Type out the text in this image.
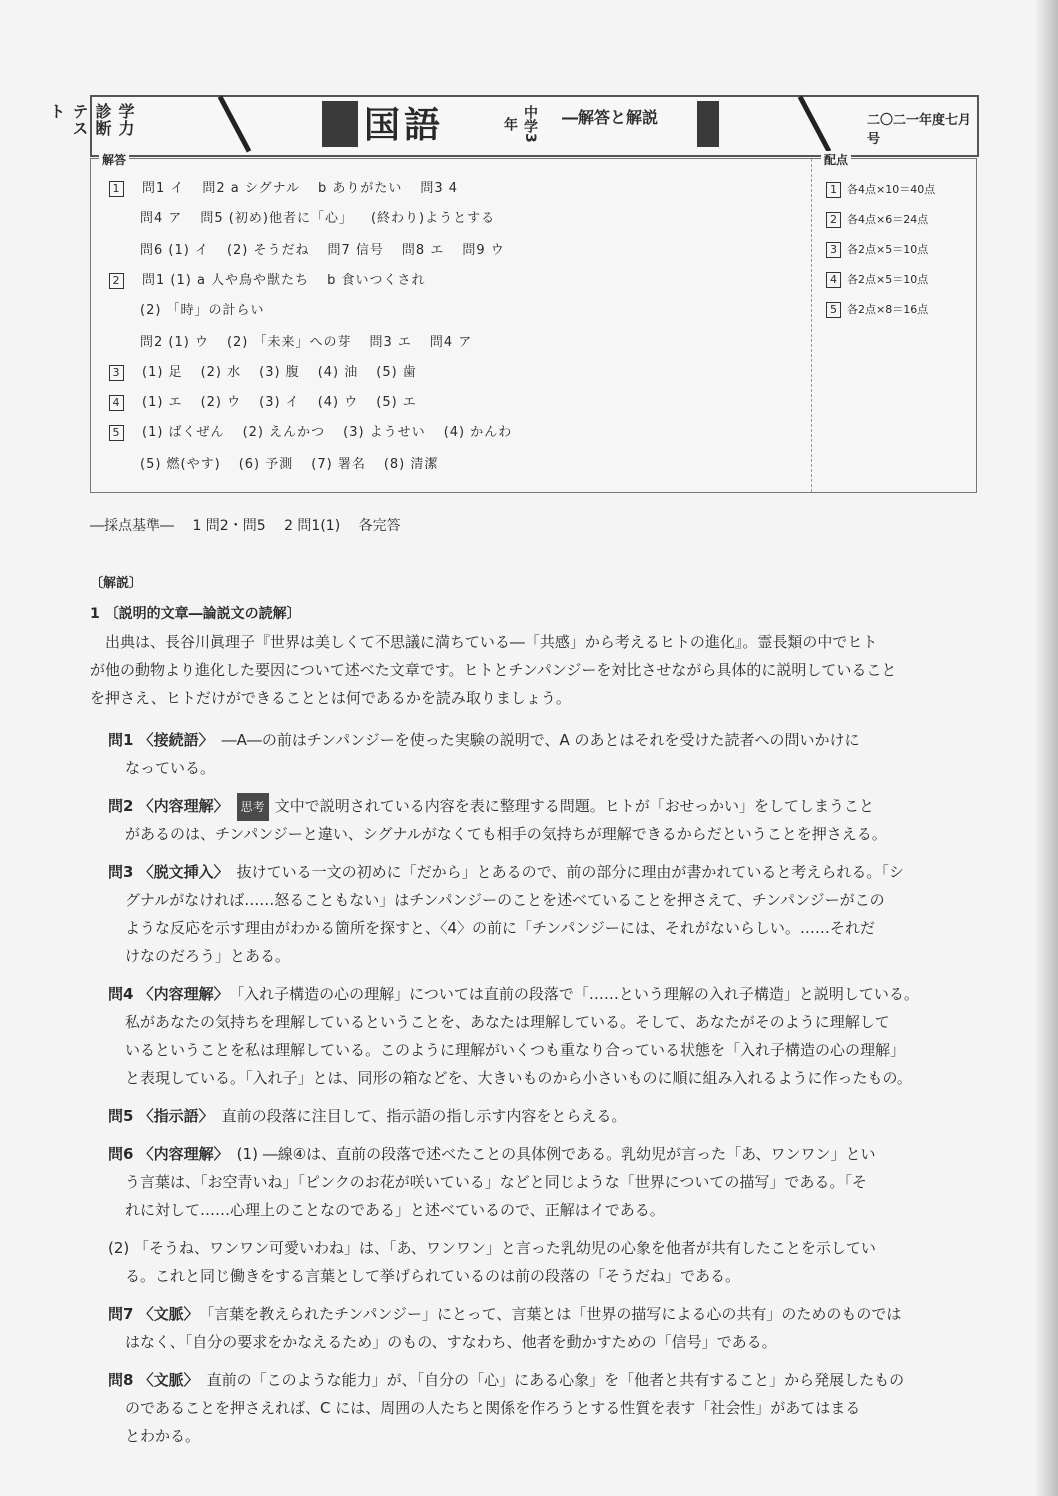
学力診断テスト	国語	中学3年	―解答と解説	二〇二一年度七月号
解答	配点
1 問1 イ 問2 a シグナル b ありがたい 問3 4
問4 ア 問5 (初め)他者に「心」 (終わり)ようとする
問6 (1) イ (2) そうだね 問7 信号 問8 エ 問9 ウ
2 問1 (1) a 人や鳥や獣たち b 食いつくされ
(2) 「時」の計らい
問2 (1) ウ (2) 「未来」への芽 問3 エ 問4 ア
3 (1) 足 (2) 水 (3) 腹 (4) 油 (5) 歯
4 (1) エ (2) ウ (3) イ (4) ウ (5) エ
5 (1) ばくぜん (2) えんかつ (3) ようせい (4) かんわ
(5) 燃(やす) (6) 予測 (7) 署名 (8) 清潔
1 各4点×10＝40点
2 各4点×6＝24点
3 各2点×5＝10点
4 各2点×5＝10点
5 各2点×8＝16点
―採点基準― 1 問2・問5 2 問1(1) 各完答
〔解説〕
1 〔説明的文章―論説文の読解〕
出典は、長谷川眞理子『世界は美しくて不思議に満ちている―「共感」から考えるヒトの進化』。霊長類の中でヒト
が他の動物より進化した要因について述べた文章です。ヒトとチンパンジーを対比させながら具体的に説明していること
を押さえ、ヒトだけができることとは何であるかを読み取りましょう。
問1 〈接続語〉 ―A―の前はチンパンジーを使った実験の説明で、A のあとはそれを受けた読者への問いかけに
なっている。
問2 〈内容理解〉 思考 文中で説明されている内容を表に整理する問題。ヒトが「おせっかい」をしてしまうこと
があるのは、チンパンジーと違い、シグナルがなくても相手の気持ちが理解できるからだということを押さえる。
問3 〈脱文挿入〉 抜けている一文の初めに「だから」とあるので、前の部分に理由が書かれていると考えられる。「シ
グナルがなければ……怒ることもない」はチンパンジーのことを述べていることを押さえて、チンパンジーがこの
ような反応を示す理由がわかる箇所を探すと、〈4〉の前に「チンパンジーには、それがないらしい。……それだ
けなのだろう」とある。
問4 〈内容理解〉 「入れ子構造の心の理解」については直前の段落で「……という理解の入れ子構造」と説明している。
私があなたの気持ちを理解しているということを、あなたは理解している。そして、あなたがそのように理解して
いるということを私は理解している。このように理解がいくつも重なり合っている状態を「入れ子構造の心の理解」
と表現している。「入れ子」とは、同形の箱などを、大きいものから小さいものに順に組み入れるように作ったもの。
問5 〈指示語〉 直前の段落に注目して、指示語の指し示す内容をとらえる。
問6 〈内容理解〉 (1) ―線④は、直前の段落で述べたことの具体例である。乳幼児が言った「あ、ワンワン」とい
う言葉は、「お空青いね」「ピンクのお花が咲いている」などと同じような「世界についての描写」である。「そ
れに対して……心理上のことなのである」と述べているので、正解はイである。
(2) 「そうね、ワンワン可愛いわね」は、「あ、ワンワン」と言った乳幼児の心象を他者が共有したことを示してい
る。これと同じ働きをする言葉として挙げられているのは前の段落の「そうだね」である。
問7 〈文脈〉 「言葉を教えられたチンパンジー」にとって、言葉とは「世界の描写による心の共有」のためのものでは
はなく、「自分の要求をかなえるため」のもの、すなわち、他者を動かすための「信号」である。
問8 〈文脈〉 直前の「このような能力」が、「自分の「心」にある心象」を「他者と共有すること」から発展したもの
のであることを押さえれば、C には、周囲の人たちと関係を作ろうとする性質を表す「社会性」があてはまる
とわかる。
